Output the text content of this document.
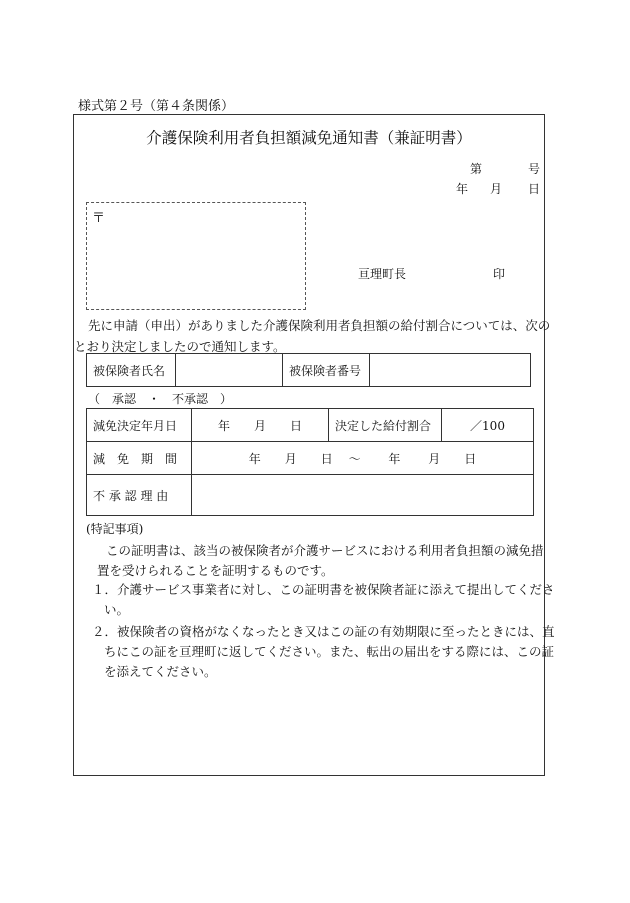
様式第２号（第４条関係）
介護保険利用者負担額減免通知書（兼証明書）
第	号
年 月 日
〒
亘理町長	印
先に申請（申出）がありました介護保険利用者負担額の給付割合については、次の
とおり決定しましたので通知します。
被保険者氏名		被保険者番号	
（　承認　・　不承認　）
減免決定年月日	年　　月　　日	決定した給付割合	／100
減　免　期　間	年　　月　　日　 ～　　 年　　 月　　日		
不 承 認 理 由			
(特記事項)
この証明書は、該当の被保険者が介護サービスにおける利用者負担額の減免措
置を受けられることを証明するものです。
１．介護サービス事業者に対し、この証明書を被保険者証に添えて提出してくださ
い。
２．被保険者の資格がなくなったとき又はこの証の有効期限に至ったときには、直
ちにこの証を亘理町に返してください。また、転出の届出をする際には、この証
を添えてください。
